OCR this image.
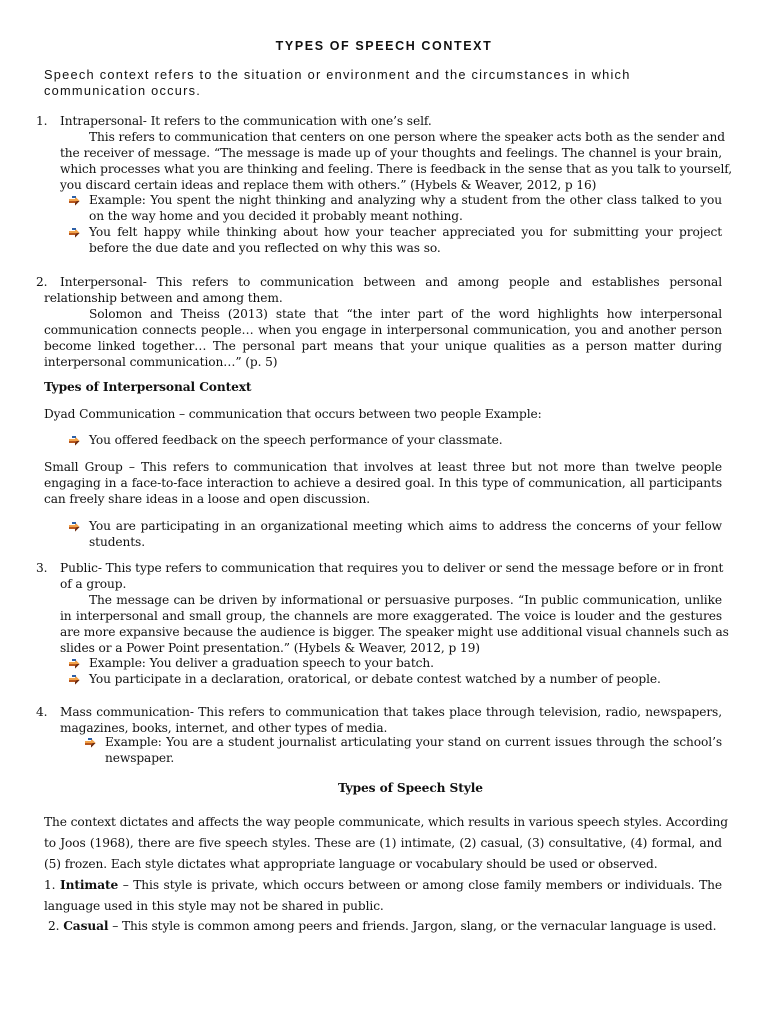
TYPES OF SPEECH CONTEXT
Speech context refers to the situation or environment and the circumstances in which
communication occurs.
1. Intrapersonal- It refers to the communication with one’s self.
This refers to communication that centers on one person where the speaker acts both as the sender and
the receiver of message. “The message is made up of your thoughts and feelings. The channel is your brain,
which processes what you are thinking and feeling. There is feedback in the sense that as you talk to yourself,
you discard certain ideas and replace them with others.” (Hybels & Weaver, 2012, p 16)
Example: You spent the night thinking and analyzing why a student from the other class talked to you
on the way home and you decided it probably meant nothing.
You felt happy while thinking about how your teacher appreciated you for submitting your project
before the due date and you reflected on why this was so.
2. Interpersonal- This refers to communication between and among people and establishes personal
relationship between and among them.
Solomon and Theiss (2013) state that “the inter part of the word highlights how interpersonal
communication connects people… when you engage in interpersonal communication, you and another person
become linked together… The personal part means that your unique qualities as a person matter during
interpersonal communication…” (p. 5)
Types of Interpersonal Context
Dyad Communication – communication that occurs between two people Example:
You offered feedback on the speech performance of your classmate.
Small Group – This refers to communication that involves at least three but not more than twelve people
engaging in a face-to-face interaction to achieve a desired goal. In this type of communication, all participants
can freely share ideas in a loose and open discussion.
You are participating in an organizational meeting which aims to address the concerns of your fellow
students.
3. Public- This type refers to communication that requires you to deliver or send the message before or in front
of a group.
The message can be driven by informational or persuasive purposes. “In public communication, unlike
in interpersonal and small group, the channels are more exaggerated. The voice is louder and the gestures
are more expansive because the audience is bigger. The speaker might use additional visual channels such as
slides or a Power Point presentation.” (Hybels & Weaver, 2012, p 19)
Example: You deliver a graduation speech to your batch.
You participate in a declaration, oratorical, or debate contest watched by a number of people.
4. Mass communication- This refers to communication that takes place through television, radio, newspapers,
magazines, books, internet, and other types of media.
Example: You are a student journalist articulating your stand on current issues through the school’s
newspaper.
Types of Speech Style
The context dictates and affects the way people communicate, which results in various speech styles. According
to Joos (1968), there are five speech styles. These are (1) intimate, (2) casual, (3) consultative, (4) formal, and
(5) frozen. Each style dictates what appropriate language or vocabulary should be used or observed.
1. Intimate – This style is private, which occurs between or among close family members or individuals. The
language used in this style may not be shared in public.
2. Casual – This style is common among peers and friends. Jargon, slang, or the vernacular language is used.
